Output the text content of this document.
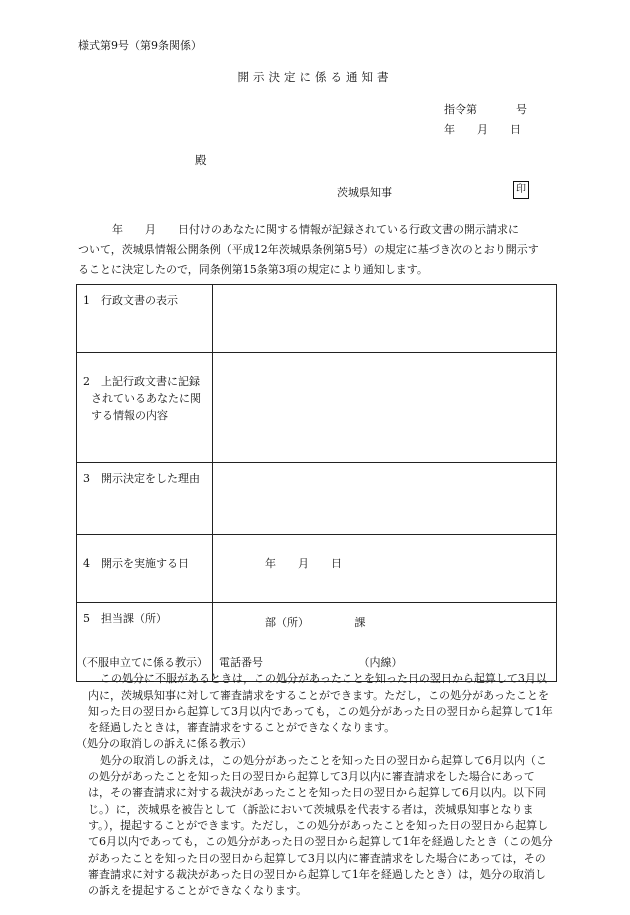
様式第9号（第9条関係）
開示決定に係る通知書
指令第	号
年　　月　　日
殿
茨城県知事	印

年　　月　　日付けのあなたに関する情報が記録されている行政文書の開示請求に

ついて，茨城県情報公開条例（平成12年茨城県条例第5号）の規定に基づき次のとおり開示す

ることに決定したので，同条例第15条第3項の規定により通知します。

1　行政文書の表示	
2　上記行政文書に記録

されているあなたに関
する情報の内容	

3　開示決定をした理由	
4　開示を実施する日	年　　月　　日
5　担当課（所）	部（所） 課
電話番号 （内線）

（不服申立てに係る教示）

この処分に不服があるときは，この処分があったことを知った日の翌日から起算して3月以内に，茨城県知事に対して審査請求をすることができます。ただし，この処分があったことを知った日の翌日から起算して3月以内であっても，この処分があった日の翌日から起算して1年を経過したときは，審査請求をすることができなくなります。

（処分の取消しの訴えに係る教示）

処分の取消しの訴えは，この処分があったことを知った日の翌日から起算して6月以内（この処分があったことを知った日の翌日から起算して3月以内に審査請求をした場合にあっては，その審査請求に対する裁決があったことを知った日の翌日から起算して6月以内。以下同じ。）に，茨城県を被告として（訴訟において茨城県を代表する者は，茨城県知事となります。），提起することができます。ただし，この処分があったことを知った日の翌日から起算して6月以内であっても，この処分があった日の翌日から起算して1年を経過したとき（この処分があったことを知った日の翌日から起算して3月以内に審査請求をした場合にあっては，その審査請求に対する裁決があった日の翌日から起算して1年を経過したとき）は，処分の取消しの訴えを提起することができなくなります。
